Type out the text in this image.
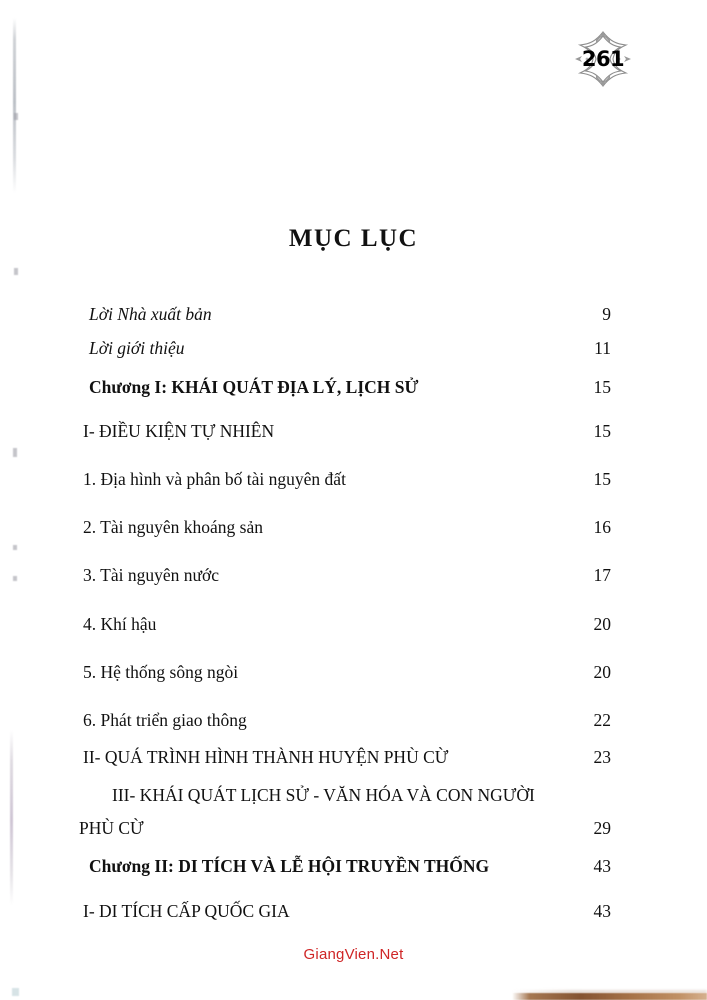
261
MỤC LỤC
Lời Nhà xuất bản	9
Lời giới thiệu	11
Chương I: KHÁI QUÁT ĐỊA LÝ, LỊCH SỬ	15
I- ĐIỀU KIỆN TỰ NHIÊN	15
1. Địa hình và phân bố tài nguyên đất	15
2. Tài nguyên khoáng sản	16
3. Tài nguyên nước	17
4. Khí hậu	20
5. Hệ thống sông ngòi	20
6. Phát triển giao thông	22
II- QUÁ TRÌNH HÌNH THÀNH HUYỆN PHÙ CỪ	23
III- KHÁI QUÁT LỊCH SỬ - VĂN HÓA VÀ CON NGƯỜI
PHÙ CỪ	29
Chương II: DI TÍCH VÀ LỄ HỘI TRUYỀN THỐNG	43
I- DI TÍCH CẤP QUỐC GIA	43
GiangVien.Net
